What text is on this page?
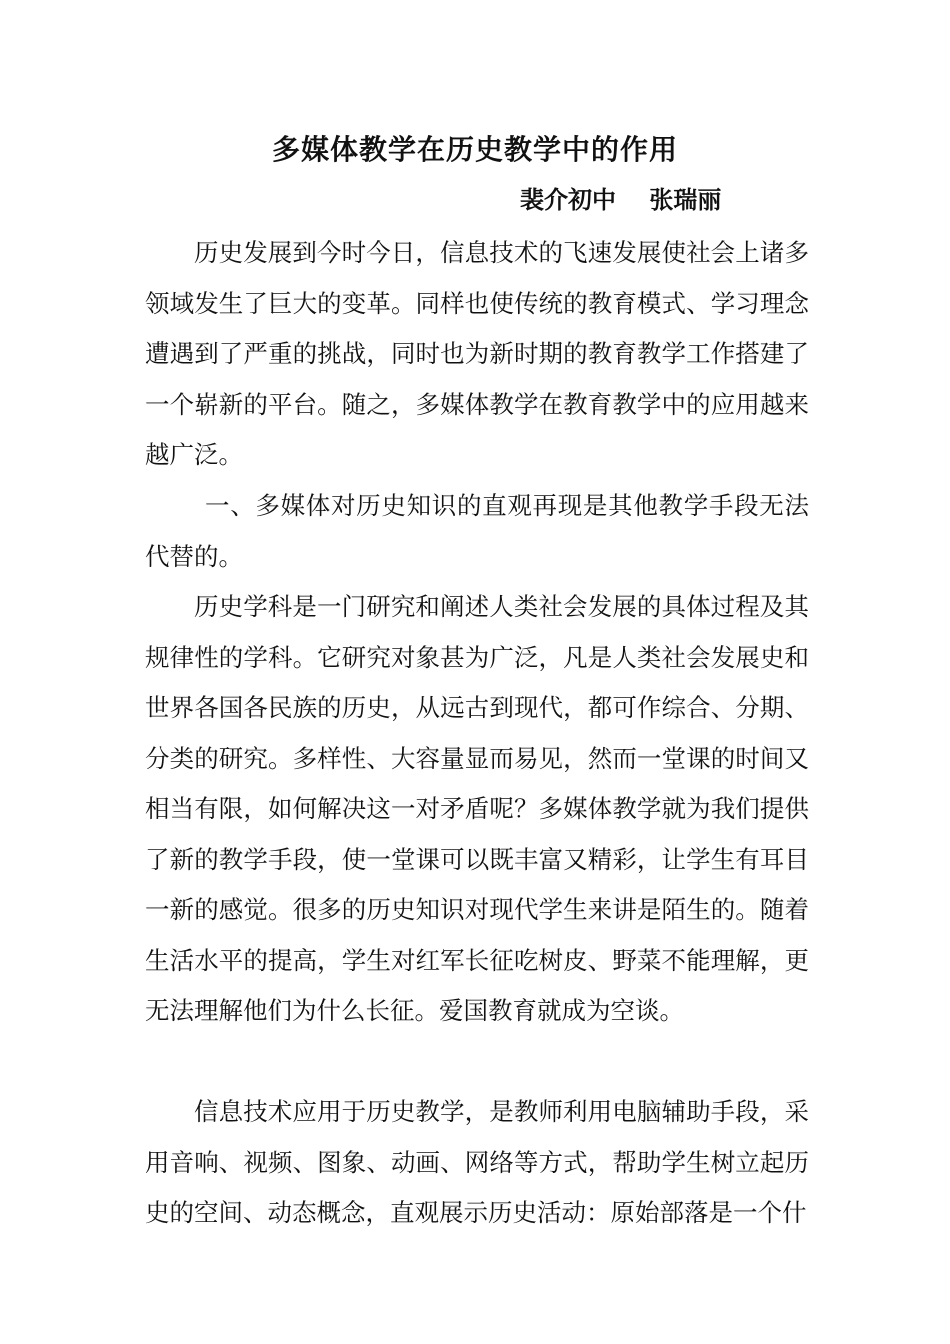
多媒体教学在历史教学中的作用
裴介初中    张瑞丽

历史发展到今时今日，信息技术的飞速发展使社会上诸多领域发生了巨大的变革。同样也使传统的教育模式、学习理念遭遇到了严重的挑战，同时也为新时期的教育教学工作搭建了一个崭新的平台。随之，多媒体教学在教育教学中的应用越来越广泛。

一、多媒体对历史知识的直观再现是其他教学手段无法代替的。

历史学科是一门研究和阐述人类社会发展的具体过程及其规律性的学科。它研究对象甚为广泛，凡是人类社会发展史和世界各国各民族的历史，从远古到现代，都可作综合、分期、分类的研究。多样性、大容量显而易见，然而一堂课的时间又相当有限，如何解决这一对矛盾呢？多媒体教学就为我们提供了新的教学手段，使一堂课可以既丰富又精彩，让学生有耳目一新的感觉。很多的历史知识对现代学生来讲是陌生的。随着生活水平的提高，学生对红军长征吃树皮、野菜不能理解，更无法理解他们为什么长征。爱国教育就成为空谈。

信息技术应用于历史教学，是教师利用电脑辅助手段，采用音响、视频、图象、动画、网络等方式，帮助学生树立起历史的空间、动态概念，直观展示历史活动：原始部落是一个什
